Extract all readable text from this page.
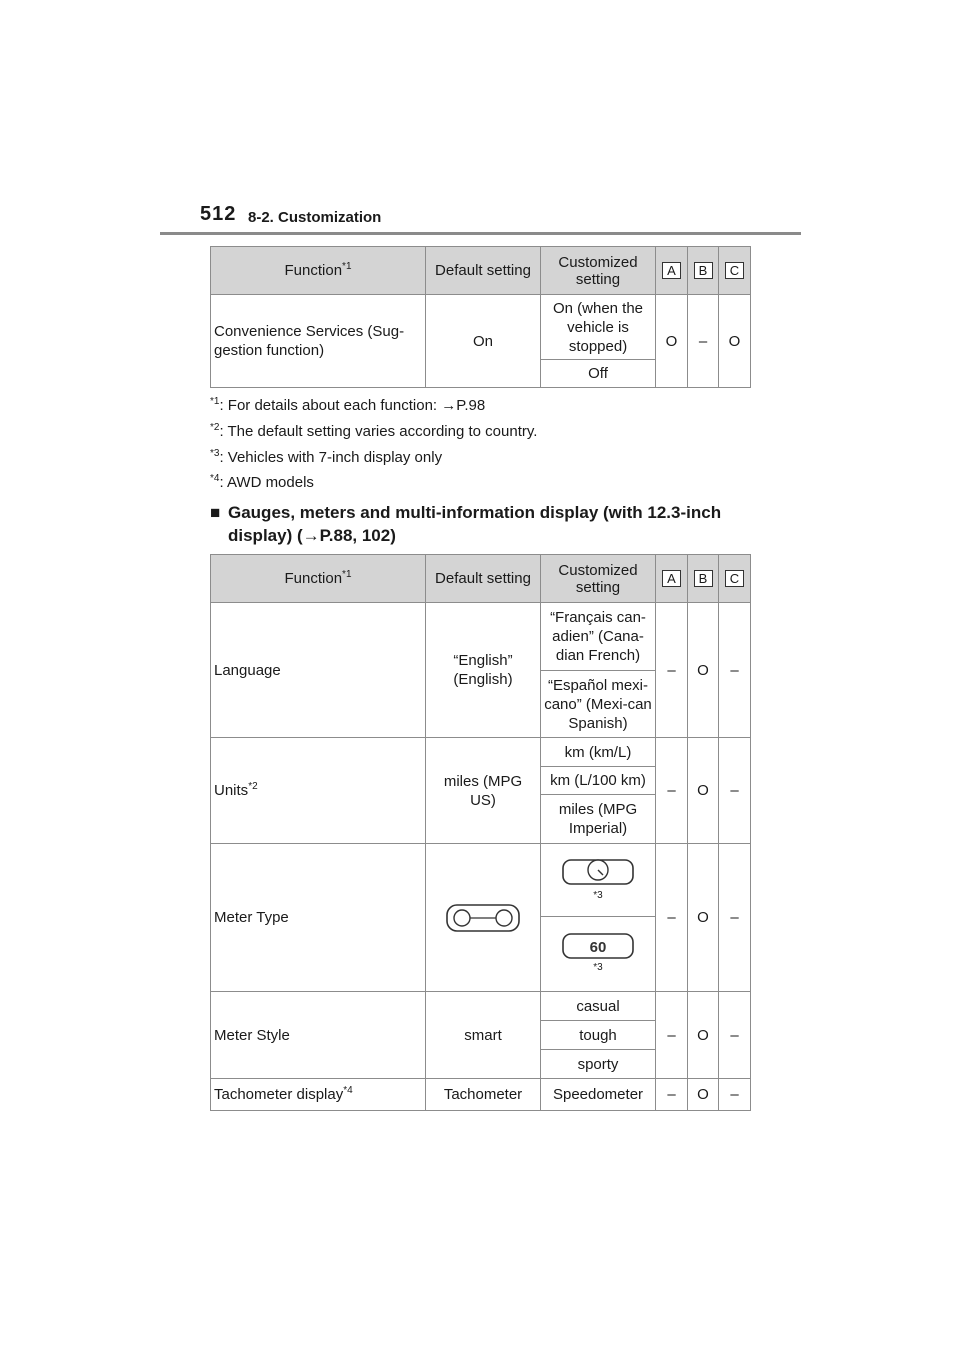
512 8-2. Customization
Function$^{*1}$	Default setting	Customized setting	A	B	C
Convenience Services (Sug-gestion function)	On	On (when the vehicle is stopped)	O	–	O
		Off			
$^{*1}$: For details about each function: →P.98
$^{*2}$: The default setting varies according to country.
$^{*3}$: Vehicles with 7-inch display only
$^{*4}$: AWD models
■ Gauges, meters and multi-information display (with 12.3-inch display) (→P.88, 102)
Function$^{*1}$	Default setting	Customized setting	A	B	C
Language	“English” (English)	“Français can-adien” (Cana-dian French)	–	O	–
		“Español mexi-cano” (Mexi-can Spanish)			
Units$^{*2}$	miles (MPG US)	km (km/L)	–	O	–
		km (L/100 km)			
		miles (MPG Imperial)			
Meter Type		*3	–	O	–

60
*3			

Meter Style	smart	casual	–	O	–
		tough			
		sporty			
Tachometer display$^{*4}$	Tachometer	Speedometer	–	O	–
